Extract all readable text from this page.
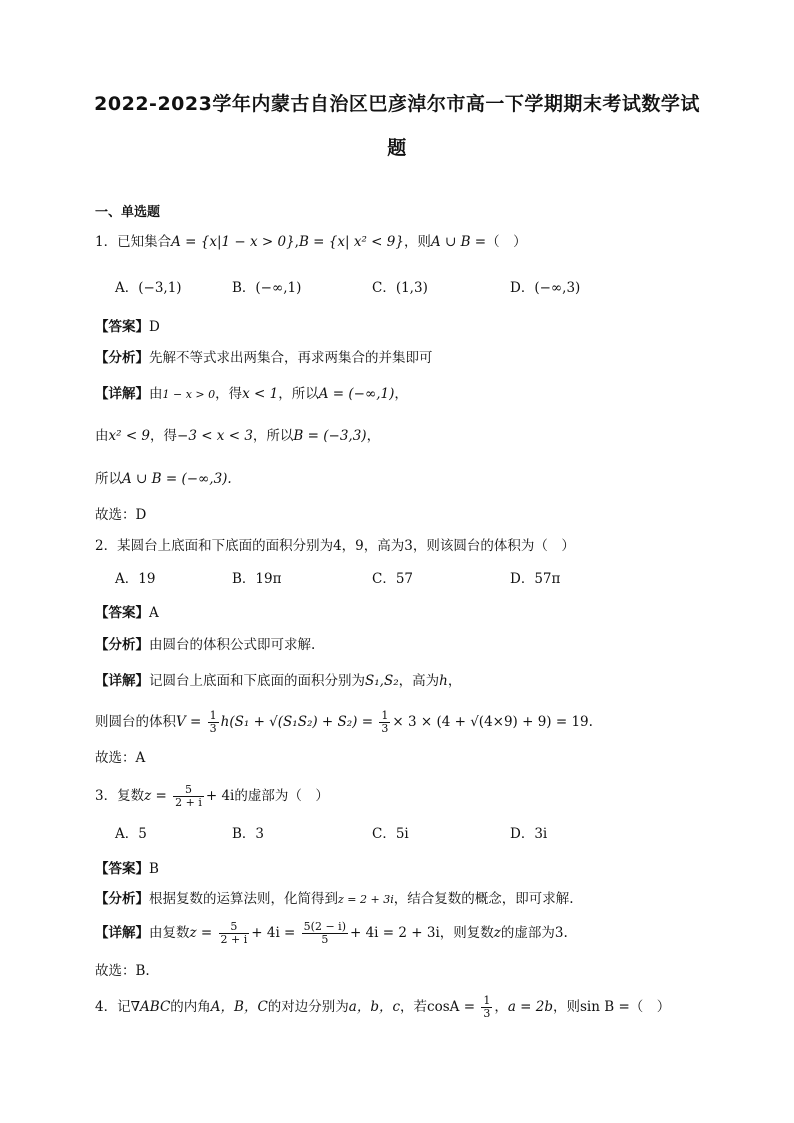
2022-2023学年内蒙古自治区巴彦淖尔市高一下学期期末考试数学试
题
一、单选题
1．已知集合A = {x|1 − x > 0},B = {x| x² < 9}，则A ∪ B =（　）
A．(−3,1)	B．(−∞,1)	C．(1,3)	D．(−∞,3)
【答案】D
【分析】先解不等式求出两集合，再求两集合的并集即可
【详解】由1 − x > 0，得x < 1，所以A = (−∞,1)，
由x² < 9，得−3 < x < 3，所以B = (−3,3)，
所以A ∪ B = (−∞,3).
故选：D
2．某圆台上底面和下底面的面积分别为4，9，高为3，则该圆台的体积为（　）
A．19	B．19π	C．57	D．57π
【答案】A
【分析】由圆台的体积公式即可求解.
【详解】记圆台上底面和下底面的面积分别为S₁,S₂，高为h，
则圆台的体积$V = \frac{1}{3} h(S_1 + √(S_1S_2) + S_2) = \frac{1}{3} \times 3 \times (4 + √(4\times 9) + 9) = 19$.
故选：A
3．复数$z = \frac{5}{2 + i} + 4i$的虚部为（　）
A．5	B．3	C．5i	D．3i
【答案】B
【分析】根据复数的运算法则，化简得到z = 2 + 3i，结合复数的概念，即可求解.
【详解】由复数$z = \frac{5}{2 + i} + 4i = \frac{5(2 - i)}{5} + 4i = 2 + 3i$，则复数z的虚部为3.
故选：B.
4．记∇ABC的内角A，B，C的对边分别为a，b，c，若$\cos A = \frac{1}{3}$ ，a = 2b，则sin B =（　）
